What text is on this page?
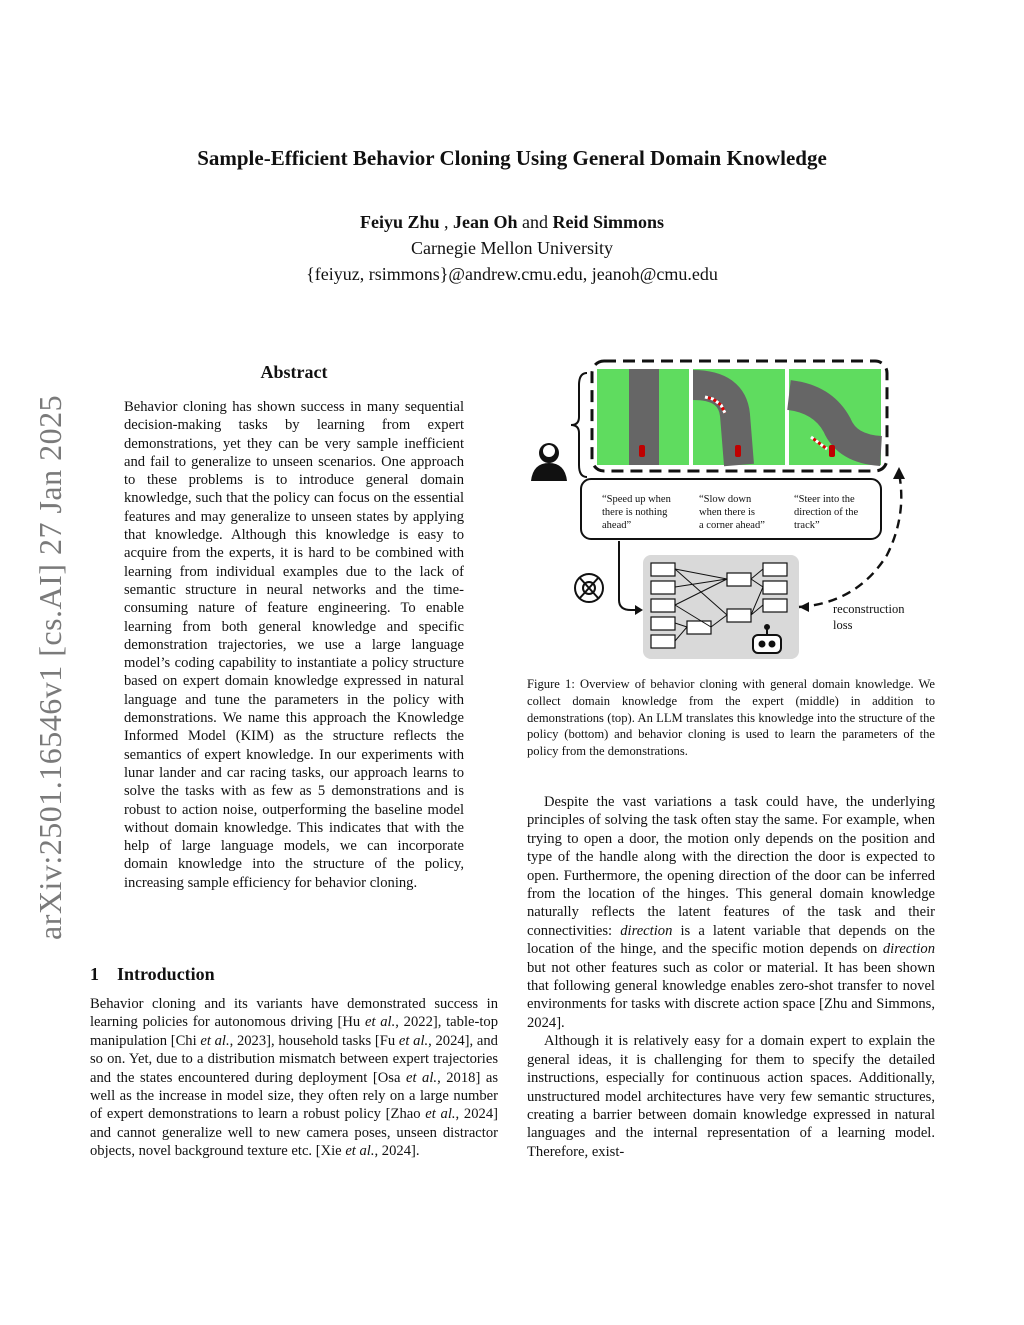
arXiv:2501.16546v1 [cs.AI] 27 Jan 2025
Sample-Efficient Behavior Cloning Using General Domain Knowledge
Feiyu Zhu , Jean Oh and Reid Simmons
Carnegie Mellon University
{feiyuz, rsimmons}@andrew.cmu.edu, jeanoh@cmu.edu
Abstract
Behavior cloning has shown success in many sequential decision-making tasks by learning from expert demonstrations, yet they can be very sample inefficient and fail to generalize to unseen scenarios. One approach to these problems is to introduce general domain knowledge, such that the policy can focus on the essential features and may generalize to unseen states by applying that knowledge. Although this knowledge is easy to acquire from the experts, it is hard to be combined with learning from individual examples due to the lack of semantic structure in neural networks and the time-consuming nature of feature engineering. To enable learning from both general knowledge and specific demonstration trajectories, we use a large language model’s coding capability to instantiate a policy structure based on expert domain knowledge expressed in natural language and tune the parameters in the policy with demonstrations. We name this approach the Knowledge Informed Model (KIM) as the structure reflects the semantics of expert knowledge. In our experiments with lunar lander and car racing tasks, our approach learns to solve the tasks with as few as 5 demonstrations and is robust to action noise, outperforming the baseline model without domain knowledge. This indicates that with the help of large language models, we can incorporate domain knowledge into the structure of the policy, increasing sample efficiency for behavior cloning.
1 Introduction
Behavior cloning and its variants have demonstrated success in learning policies for autonomous driving [Hu et al., 2022], table-top manipulation [Chi et al., 2023], household tasks [Fu et al., 2024], and so on. Yet, due to a distribution mismatch between expert trajectories and the states encountered during deployment [Osa et al., 2018] as well as the increase in model size, they often rely on a large number of expert demonstrations to learn a robust policy [Zhao et al., 2024] and cannot generalize well to new camera poses, unseen distractor objects, novel background texture etc. [Xie et al., 2024].
“Speed up when
there is nothing
ahead”
“Slow down
when there is
a corner ahead”
“Steer into the
direction of the
track”
reconstruction
loss
Figure 1: Overview of behavior cloning with general domain knowledge. We collect domain knowledge from the expert (middle) in addition to demonstrations (top). An LLM translates this knowledge into the structure of the policy (bottom) and behavior cloning is used to learn the parameters of the policy from the demonstrations.

Despite the vast variations a task could have, the underlying principles of solving the task often stay the same. For example, when trying to open a door, the motion only depends on the position and type of the handle along with the direction the door is expected to open. Furthermore, the opening direction of the door can be inferred from the location of the hinges. This general domain knowledge naturally reflects the latent features of the task and their connectivities: direction is a latent variable that depends on the location of the hinge, and the specific motion depends on direction but not other features such as color or material. It has been shown that following general knowledge enables zero-shot transfer to novel environments for tasks with discrete action space [Zhu and Simmons, 2024].

Although it is relatively easy for a domain expert to explain the general ideas, it is challenging for them to specify the detailed instructions, especially for continuous action spaces. Additionally, unstructured model architectures have very few semantic structures, creating a barrier between domain knowledge expressed in natural languages and the internal representation of a learning model. Therefore, exist-
